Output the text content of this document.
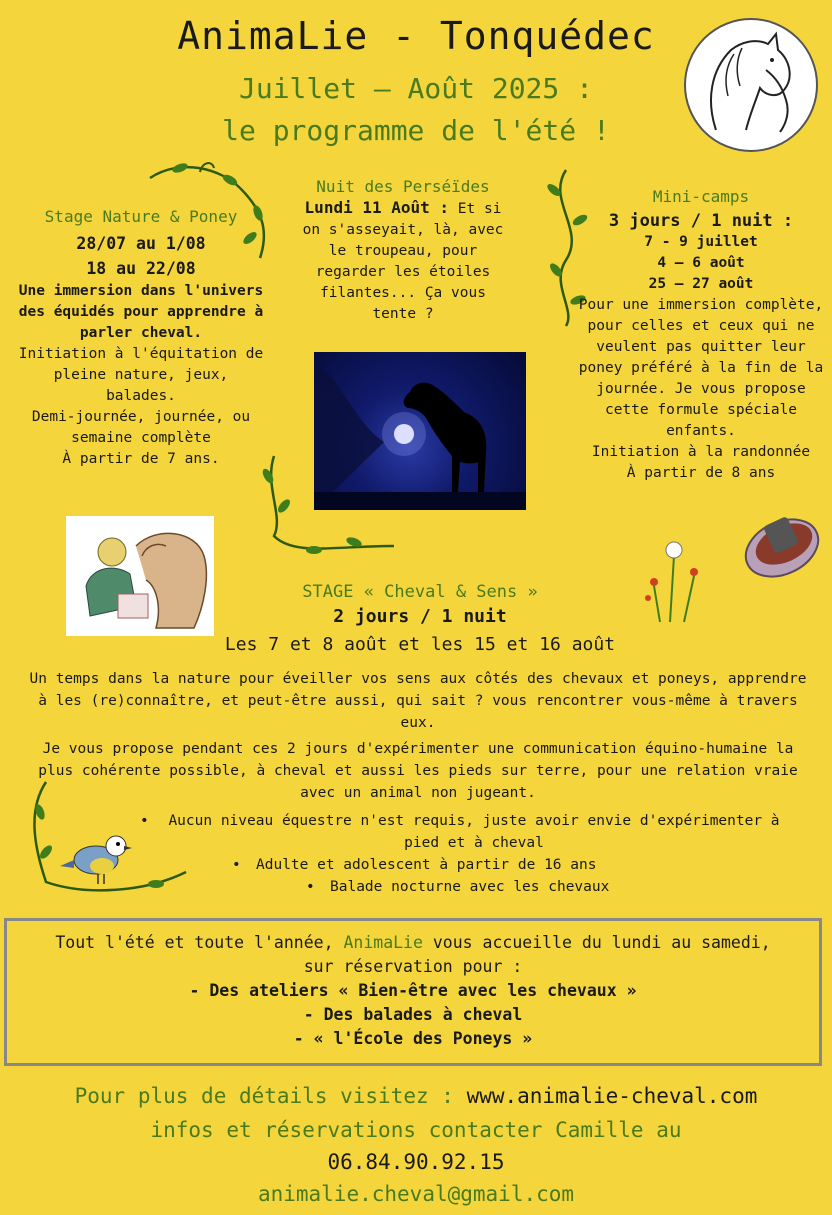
AnimaLie - Tonquédec
Juillet – Août 2025 :
le programme de l'été !
Stage Nature & Poney
28/07 au 1/08
18 au 22/08
Une immersion dans l'univers des équidés pour apprendre à parler cheval.
Initiation à l'équitation de pleine nature, jeux, balades.
Demi-journée, journée, ou semaine complète
À partir de 7 ans.
Nuit des Perséïdes
Lundi 11 Août : Et si on s'asseyait, là, avec le troupeau, pour regarder les étoiles filantes... Ça vous tente ?
Mini-camps
3 jours / 1 nuit :
7 - 9 juillet
4 – 6 août
25 – 27 août
Pour une immersion complète, pour celles et ceux qui ne veulent pas quitter leur poney préféré à la fin de la journée. Je vous propose cette formule spéciale enfants.
Initiation à la randonnée
À partir de 8 ans
STAGE « Cheval & Sens »
2 jours / 1 nuit
Les 7 et 8 août et les 15 et 16 août
Un temps dans la nature pour éveiller vos sens aux côtés des chevaux et poneys, apprendre à les (re)connaître, et peut-être aussi, qui sait ? vous rencontrer vous-même à travers eux.
Je vous propose pendant ces 2 jours d'expérimenter une communication équino-humaine la plus cohérente possible, à cheval et aussi les pieds sur terre, pour une relation vraie avec un animal non jugeant.
•	Aucun niveau équestre n'est requis, juste avoir envie d'expérimenter à pied et à cheval
•	Adulte et adolescent à partir de 16 ans
•	Balade nocturne avec les chevaux
Tout l'été et toute l'année, AnimaLie vous accueille du lundi au samedi,
sur réservation pour :
- Des ateliers « Bien-être avec les chevaux »
- Des balades à cheval
- « l'École des Poneys »
Pour plus de détails visitez : www.animalie-cheval.com
infos et réservations contacter Camille au
06.84.90.92.15
animalie.cheval@gmail.com
